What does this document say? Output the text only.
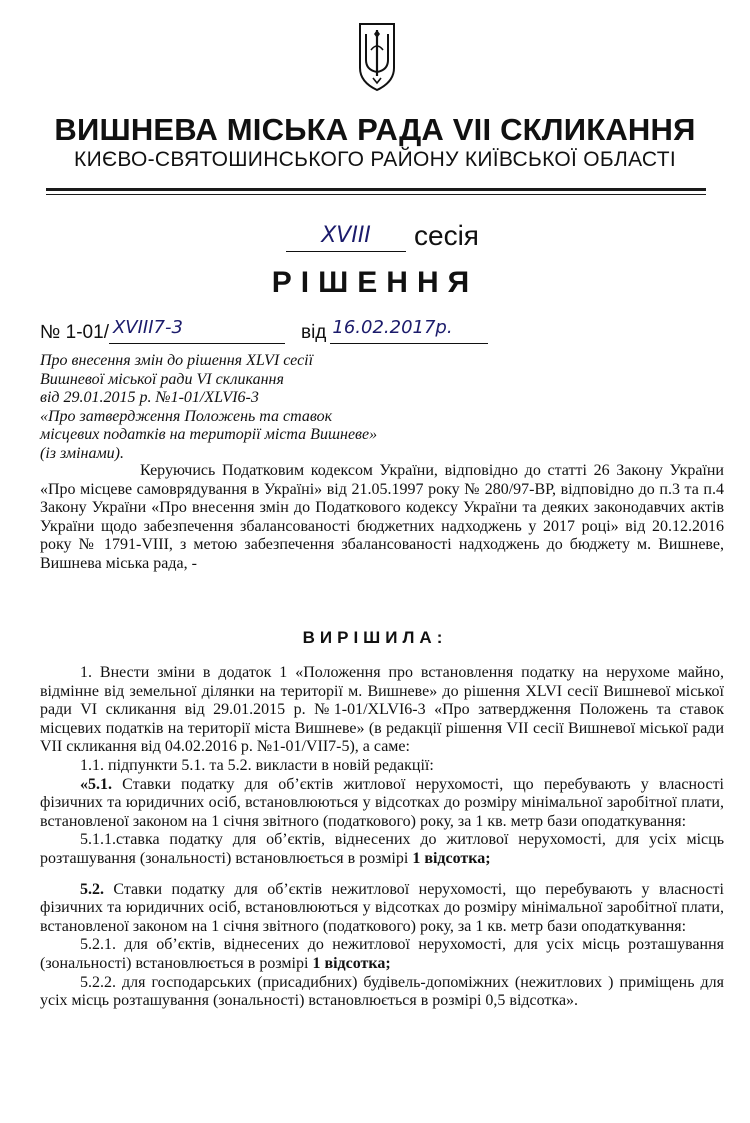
ВИШНЕВА МІСЬКА РАДА VII СКЛИКАННЯ
КИЄВО-СВЯТОШИНСЬКОГО РАЙОНУ КИЇВСЬКОЇ ОБЛАСТІ
XVIII	сесія
РІШЕННЯ
№ 1-01/ XVIII7-3	від 16.02.2017р.
Про внесення змін до рішення XLVI сесії
Вишневої міської ради VI скликання
від 29.01.2015 р. №1-01/XLVI6-3
«Про затвердження Положень та ставок
місцевих податків на території міста Вишневе»
(із змінами).

Керуючись Податковим кодексом України, відповідно до статті 26 Закону України «Про місцеве самоврядування в Україні» від 21.05.1997 року № 280/97-ВР, відповідно до п.3 та п.4 Закону України «Про внесення змін до Податкового кодексу України та деяких законодавчих актів України щодо забезпечення збалансованості бюджетних надходжень у 2017 році» від 20.12.2016 року № 1791-VIII, з метою забезпечення збалансованості надходжень до бюджету м. Вишневе, Вишнева міська рада, -

ВИРІШИЛА:

1. Внести зміни в додаток 1 «Положення про встановлення податку на нерухоме майно, відмінне від земельної ділянки на території м. Вишневе» до рішення XLVI сесії Вишневої міської ради VI скликання від 29.01.2015 р. №1-01/XLVI6-3 «Про затвердження Положень та ставок місцевих податків на території міста Вишневе» (в редакції рішення VII сесії Вишневої міської ради VII скликання від 04.02.2016 р. №1-01/VII7-5), а саме:

1.1. підпункти 5.1. та 5.2. викласти в новій редакції:

«5.1. Ставки податку для об’єктів житлової нерухомості, що перебувають у власності фізичних та юридичних осіб, встановлюються у відсотках до розміру мінімальної заробітної плати, встановленої законом на 1 січня звітного (податкового) року, за 1 кв. метр бази оподаткування:

5.1.1.ставка податку для об’єктів, віднесених до житлової нерухомості, для усіх місць розташування (зональності) встановлюється в розмірі 1 відсотка;

5.2. Ставки податку для об’єктів нежитлової нерухомості, що перебувають у власності фізичних та юридичних осіб, встановлюються у відсотках до розміру мінімальної заробітної плати, встановленої законом на 1 січня звітного (податкового) року, за 1 кв. метр бази оподаткування:

5.2.1. для об’єктів, віднесених до нежитлової нерухомості, для усіх місць розташування (зональності) встановлюється в розмірі 1 відсотка;

5.2.2. для господарських (присадибних) будівель-допоміжних (нежитлових ) приміщень для усіх місць розташування (зональності) встановлюється в розмірі 0,5 відсотка».
